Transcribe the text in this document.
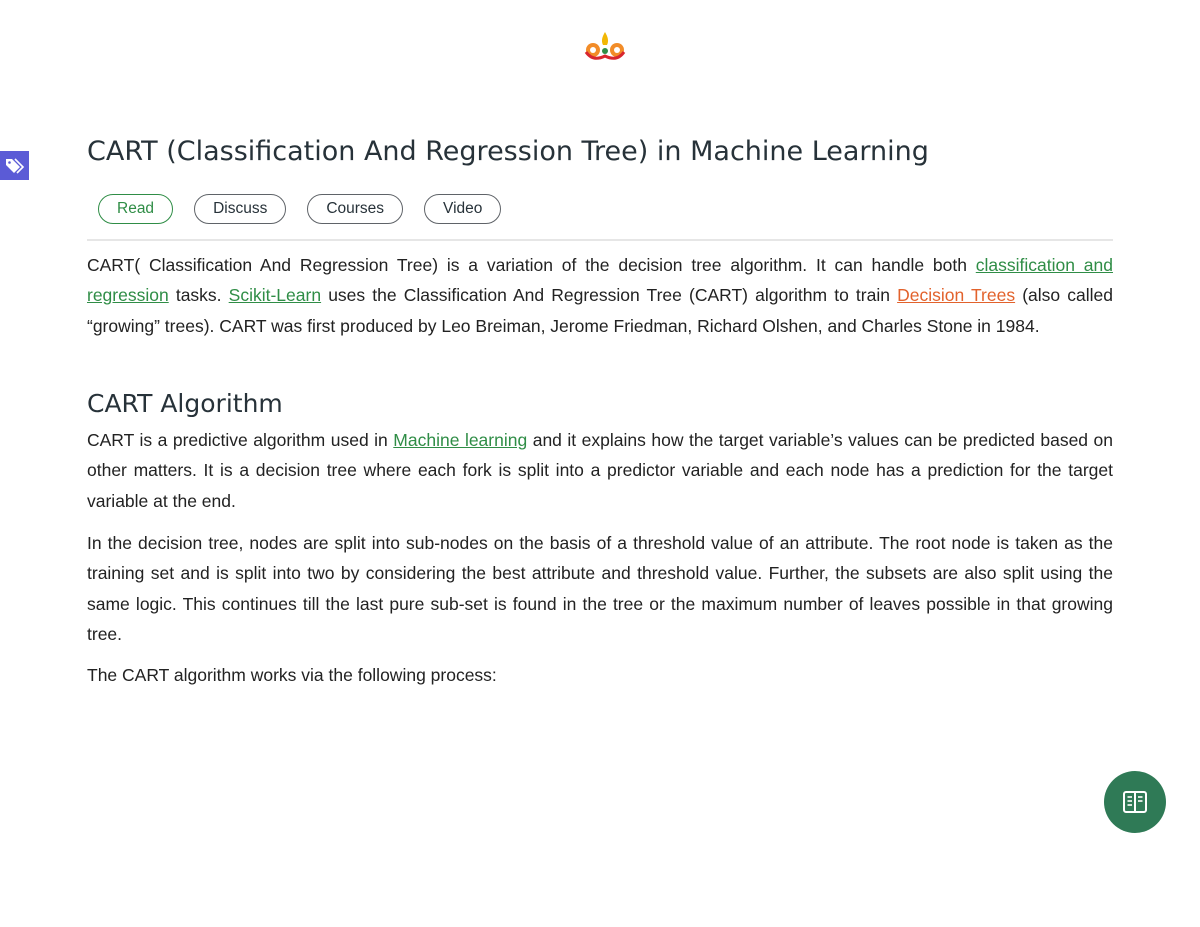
CART (Classification And Regression Tree) in Machine Learning
Read	Discuss	Courses	Video

CART( Classification And Regression Tree) is a variation of the decision tree algorithm. It can handle both classification and regression tasks. Scikit-Learn uses the Classification And Regression Tree (CART) algorithm to train Decision Trees (also called “growing” trees). CART was first produced by Leo Breiman, Jerome Friedman, Richard Olshen, and Charles Stone in 1984.

CART Algorithm

CART is a predictive algorithm used in Machine learning and it explains how the target variable’s values can be predicted based on other matters. It is a decision tree where each fork is split into a predictor variable and each node has a prediction for the target variable at the end.

In the decision tree, nodes are split into sub-nodes on the basis of a threshold value of an attribute. The root node is taken as the training set and is split into two by considering the best attribute and threshold value. Further, the subsets are also split using the same logic. This continues till the last pure sub-set is found in the tree or the maximum number of leaves possible in that growing tree.

The CART algorithm works via the following process:
